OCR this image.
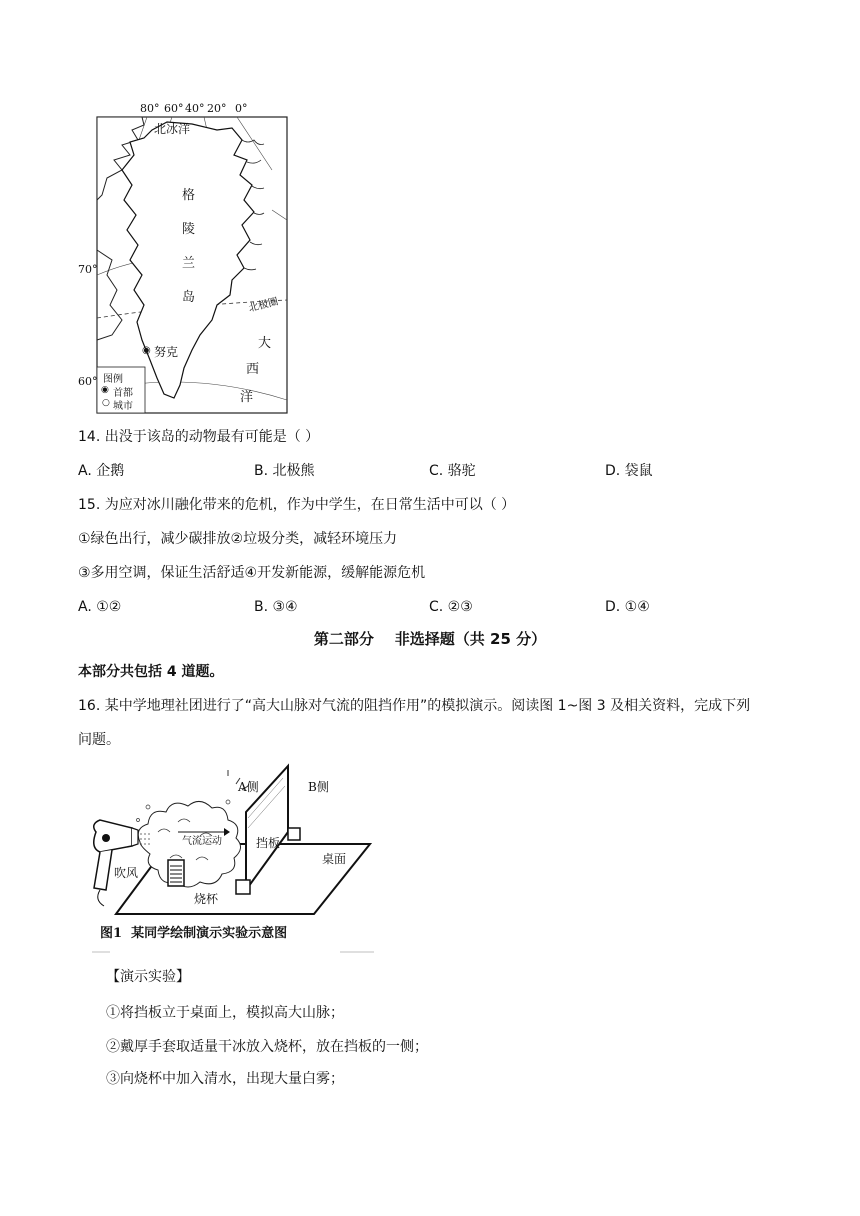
80° 60° 40° 20° 0°
70°
60°
北冰洋
格
陵
兰
岛	北极圈
◉ 努克
大
西
洋
图例
◉ 首都
○ 城市
14. 出没于该岛的动物最有可能是（ ）
A. 企鹅	B. 北极熊	C. 骆驼	D. 袋鼠
15. 为应对冰川融化带来的危机，作为中学生，在日常生活中可以（ ）
①绿色出行，减少碳排放②垃圾分类，减轻环境压力
③多用空调，保证生活舒适④开发新能源，缓解能源危机
A. ①②	B. ③④	C. ②③	D. ①④
第二部分    非选择题（共 25 分）
本部分共包括 4 道题。
16. 某中学地理社团进行了“高大山脉对气流的阻挡作用”的模拟演示。阅读图 1~图 3 及相关资料，完成下列
问题。
A侧	B侧
气流运动	挡板
桌面
吹风
烧杯
图1  某同学绘制演示实验示意图
【演示实验】
①将挡板立于桌面上，模拟高大山脉；
②戴厚手套取适量干冰放入烧杯，放在挡板的一侧；
③向烧杯中加入清水，出现大量白雾；
